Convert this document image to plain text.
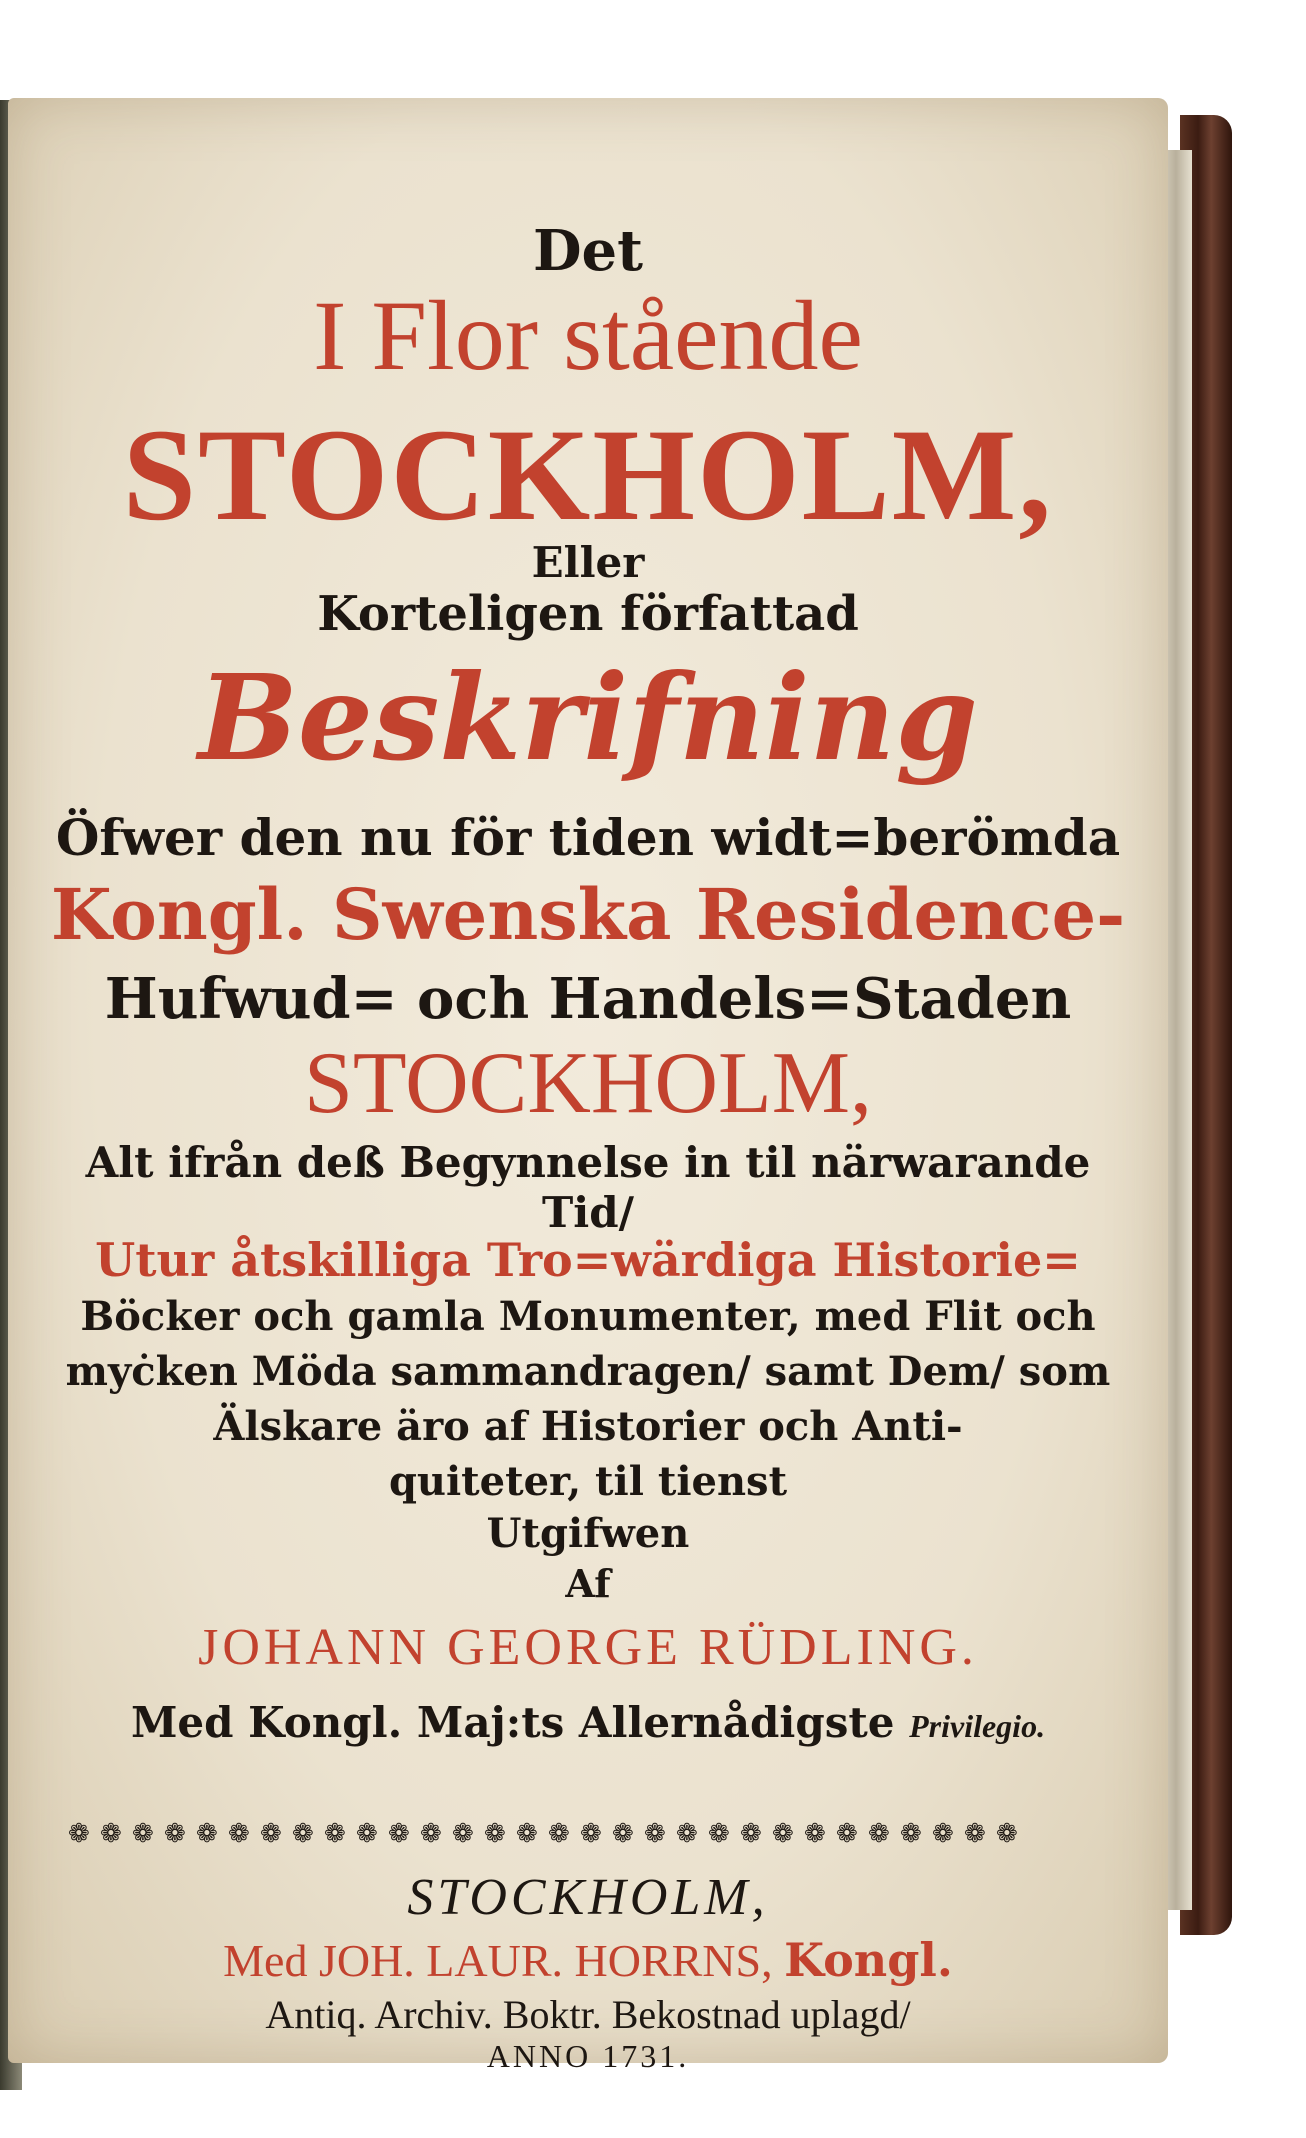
Det
I Flor stående
STOCKHOLM,
Eller
Korteligen författad
Beskrifning
Öfwer den nu för tiden widt=berömda
Kongl. Swenska Residence-
Hufwud= och Handels=Staden
STOCKHOLM,
Alt ifrån deß Begynnelse in til närwarande
Tid/
Utur åtskilliga Tro=wärdiga Historie=
Böcker och gamla Monumenter, med Flit och
myċken Möda sammandragen/ samt Dem/ som
Älskare äro af Historier och Anti-
quiteter, til tienst
Utgifwen
Af
JOHANN GEORGE RÜDLING.
Med Kongl. Maj:ts Allernådigste Privilegio.
❁ ❁ ❁ ❁ ❁ ❁ ❁ ❁ ❁ ❁ ❁ ❁ ❁ ❁ ❁ ❁ ❁ ❁ ❁ ❁ ❁ ❁ ❁ ❁ ❁ ❁ ❁ ❁ ❁ ❁
STOCKHOLM,
Med JOH. LAUR. HORRNS, Kongl.
Antiq. Archiv. Boktr. Bekostnad uplagd/
ANNO 1731.
